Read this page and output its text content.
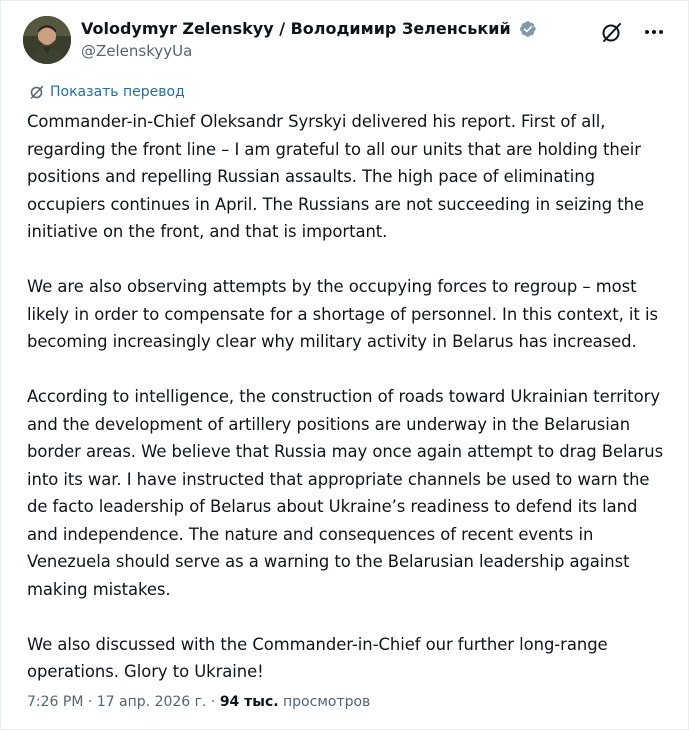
Volodymyr Zelenskyy / Володимир Зеленський
@ZelenskyyUa
Показать перевод

Commander-in-Chief Oleksandr Syrskyi delivered his report. First of all, regarding the front line – I am grateful to all our units that are holding their positions and repelling Russian assaults. The high pace of eliminating occupiers continues in April. The Russians are not succeeding in seizing the initiative on the front, and that is important.

We are also observing attempts by the occupying forces to regroup – most likely in order to compensate for a shortage of personnel. In this context, it is becoming increasingly clear why military activity in Belarus has increased.

According to intelligence, the construction of roads toward Ukrainian territory and the development of artillery positions are underway in the Belarusian border areas. We believe that Russia may once again attempt to drag Belarus into its war. I have instructed that appropriate channels be used to warn the de facto leadership of Belarus about Ukraine’s readiness to defend its land and independence. The nature and consequences of recent events in Venezuela should serve as a warning to the Belarusian leadership against making mistakes.

We also discussed with the Commander-in-Chief our further long-range operations. Glory to Ukraine!

7:26 PM · 17 апр. 2026 г. · 94 тыс. просмотров
